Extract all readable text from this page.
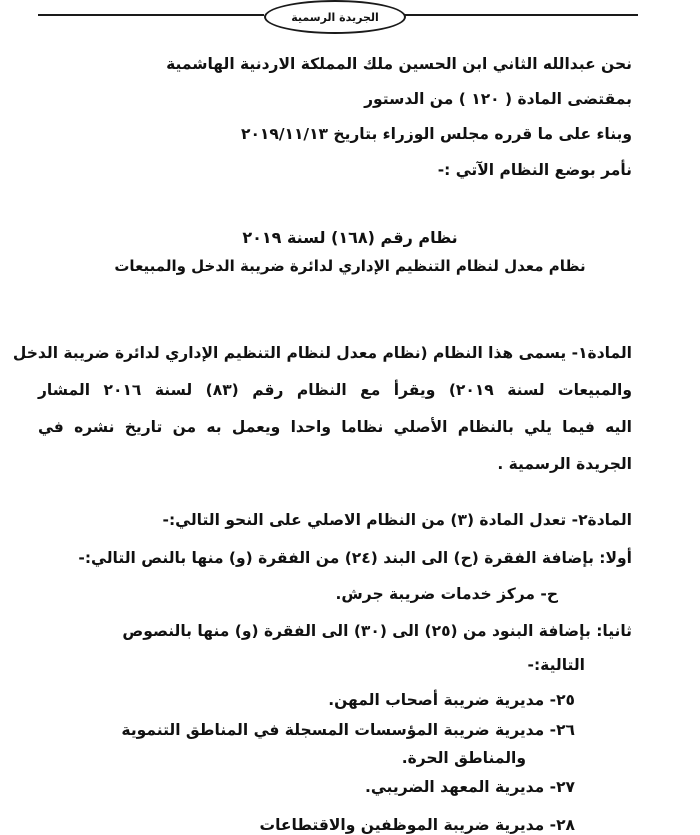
الجريدة الرسمية
نحن عبدالله الثاني ابن الحسين ملك المملكة الاردنية الهاشمية
بمقتضى المادة ( ١٢٠ ) من الدستور
وبناء على ما قرره مجلس الوزراء بتاريخ ٢٠١٩/١١/١٣
نأمر بوضع النظام الآتي :-
نظام رقم (١٦٨) لسنة ٢٠١٩
نظام معدل لنظام التنظيم الإداري لدائرة ضريبة الدخل والمبيعات
المادة١- يسمى هذا النظام (نظام معدل لنظام التنظيم الإداري لدائرة ضريبة الدخل
والمبيعات لسنة ٢٠١٩) ويقرأ مع النظام رقم (٨٣) لسنة ٢٠١٦ المشار
اليه فيما يلي بالنظام الأصلي نظاما واحدا ويعمل به من تاريخ نشره في
الجريدة الرسمية .
المادة٢- تعدل المادة (٣) من النظام الاصلي على النحو التالي:-
أولا: بإضافة الفقرة (ح) الى البند (٢٤) من الفقرة (و) منها بالنص التالي:-
ح- مركز خدمات ضريبة جرش.
ثانيا: بإضافة البنود من (٢٥) الى (٣٠) الى الفقرة (و) منها بالنصوص
التالية:-
٢٥- مديرية ضريبة أصحاب المهن.
٢٦- مديرية ضريبة المؤسسات المسجلة في المناطق التنموية
والمناطق الحرة.
٢٧- مديرية المعهد الضريبي.
٢٨- مديرية ضريبة الموظفين والاقتطاعات
